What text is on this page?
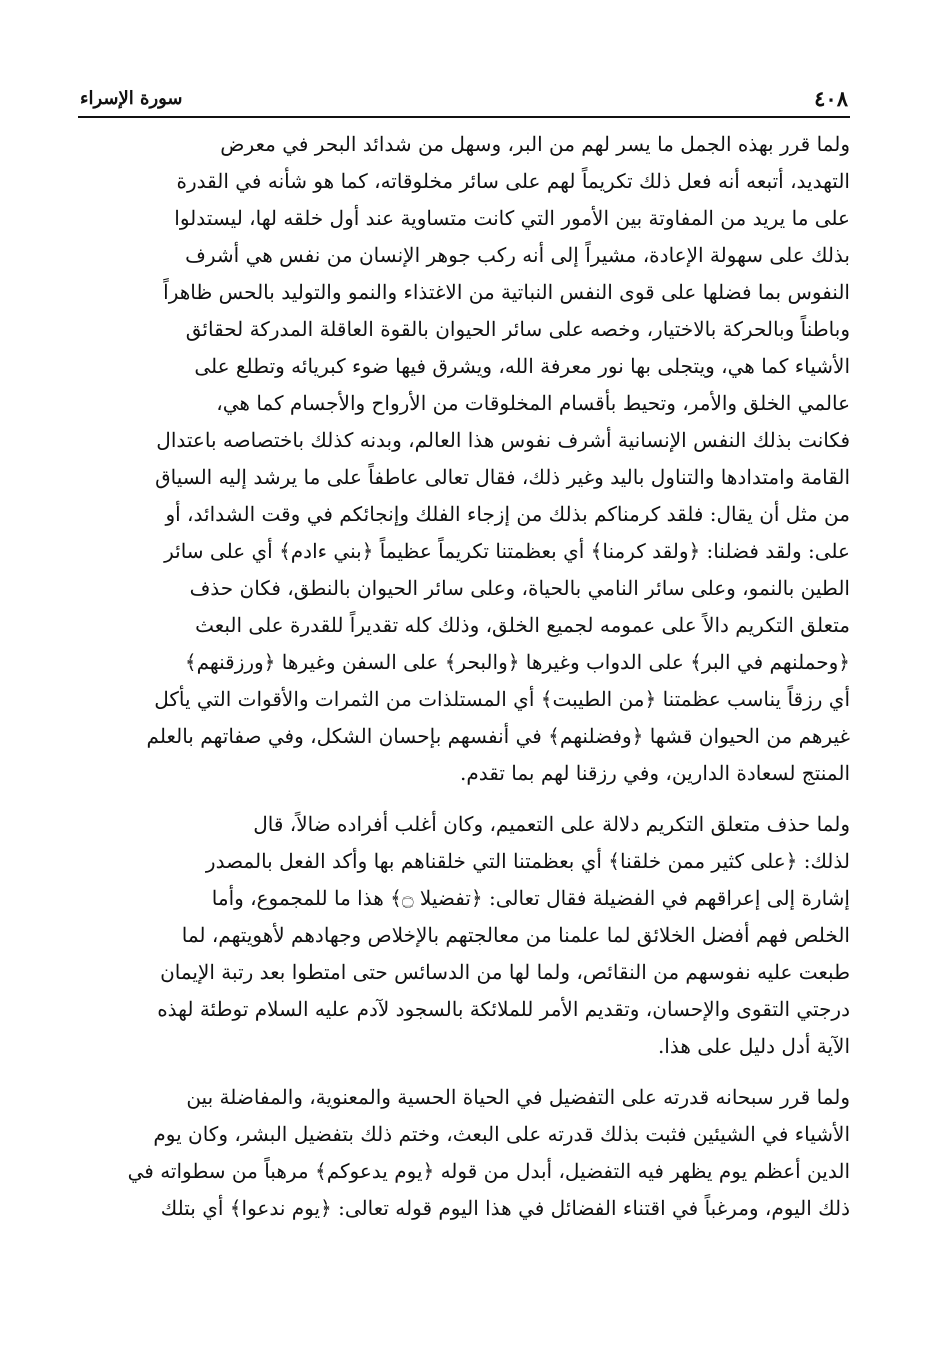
٤٠٨
سورة الإسراء

ولما قرر بهذه الجمل ما يسر لهم من البر، وسهل من شدائد البحر في معرض
التهديد، أتبعه أنه فعل ذلك تكريماً لهم على سائر مخلوقاته، كما هو شأنه في القدرة
على ما يريد من المفاوتة بين الأمور التي كانت متساوية عند أول خلقه لها، ليستدلوا
بذلك على سهولة الإعادة، مشيراً إلى أنه ركب جوهر الإنسان من نفس هي أشرف
النفوس بما فضلها على قوى النفس النباتية من الاغتذاء والنمو والتوليد بالحس ظاهراً
وباطناً وبالحركة بالاختيار، وخصه على سائر الحيوان بالقوة العاقلة المدركة لحقائق
الأشياء كما هي، ويتجلى بها نور معرفة الله، ويشرق فيها ضوء كبريائه وتطلع على
عالمي الخلق والأمر، وتحيط بأقسام المخلوقات من الأرواح والأجسام كما هي،
فكانت بذلك النفس الإنسانية أشرف نفوس هذا العالم، وبدنه كذلك باختصاصه باعتدال
القامة وامتدادها والتناول باليد وغير ذلك، فقال تعالى عاطفاً على ما يرشد إليه السياق
من مثل أن يقال: فلقد كرمناكم بذلك من إزجاء الفلك وإنجائكم في وقت الشدائد، أو
على: ولقد فضلنا: ﴿ولقد كرمنا﴾ أي بعظمتنا تكريماً عظيماً ﴿بني ءادم﴾ أي على سائر
الطين بالنمو، وعلى سائر النامي بالحياة، وعلى سائر الحيوان بالنطق، فكان حذف
متعلق التكريم دالاً على عمومه لجميع الخلق، وذلك كله تقديراً للقدرة على البعث
﴿وحملنهم في البر﴾ على الدواب وغيرها ﴿والبحر﴾ على السفن وغيرها ﴿ورزقنهم﴾
أي رزقاً يناسب عظمتنا ﴿من الطيبت﴾ أي المستلذات من الثمرات والأقوات التي يأكل
غيرهم من الحيوان قشها ﴿وفضلنهم﴾ في أنفسهم بإحسان الشكل، وفي صفاتهم بالعلم
المنتج لسعادة الدارين، وفي رزقنا لهم بما تقدم.

ولما حذف متعلق التكريم دلالة على التعميم، وكان أغلب أفراده ضالاً، قال
لذلك: ﴿على كثير ممن خلقنا﴾ أي بعظمتنا التي خلقناهم بها وأكد الفعل بالمصدر
إشارة إلى إعراقهم في الفضيلة فقال تعالى: ﴿تفضيلا ۝﴾ هذا ما للمجموع، وأما
الخلص فهم أفضل الخلائق لما علمنا من معالجتهم بالإخلاص وجهادهم لأهويتهم، لما
طبعت عليه نفوسهم من النقائص، ولما لها من الدسائس حتى امتطوا بعد رتبة الإيمان
درجتي التقوى والإحسان، وتقديم الأمر للملائكة بالسجود لآدم عليه السلام توطئة لهذه
الآية أدل دليل على هذا.

ولما قرر سبحانه قدرته على التفضيل في الحياة الحسية والمعنوية، والمفاضلة بين
الأشياء في الشيئين فثبت بذلك قدرته على البعث، وختم ذلك بتفضيل البشر، وكان يوم
الدين أعظم يوم يظهر فيه التفضيل، أبدل من قوله ﴿يوم يدعوكم﴾ مرهباً من سطواته في
ذلك اليوم، ومرغباً في اقتناء الفضائل في هذا اليوم قوله تعالى: ﴿يوم ندعوا﴾ أي بتلك
